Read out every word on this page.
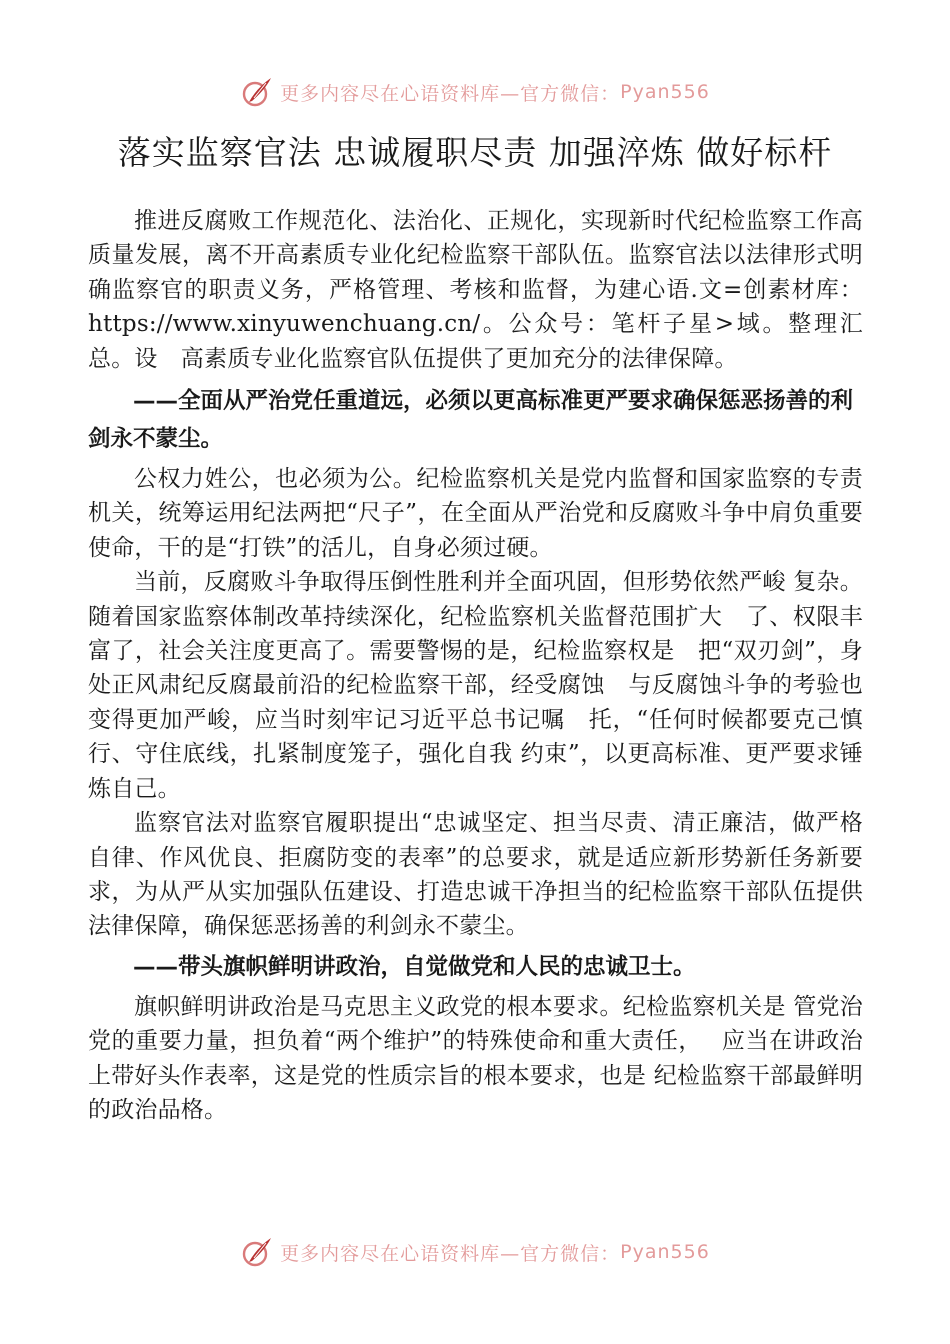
更多内容尽在心语资料库—官方微信： Pyan556
落实监察官法 忠诚履职尽责 加强淬炼 做好标杆

推进反腐败工作规范化、法治化、正规化，实现新时代纪检监察工作高质量发展，离不开高素质专业化纪检监察干部队伍。监察官法以法律形式明确监察官的职责义务，严格管理、考核和监督，为建心语.文=创素材库：https://www.xinyuwenchuang.cn/。公众号：笔杆子星>域。整理汇总。设　高素质专业化监察官队伍提供了更加充分的法律保障。

——全面从严治党任重道远，必须以更高标准更严要求确保惩恶扬善的利剑永不蒙尘。

公权力姓公，也必须为公。纪检监察机关是党内监督和国家监察的专责机关，统筹运用纪法两把“尺子”，在全面从严治党和反腐败斗争中肩负重要使命，干的是“打铁”的活儿，自身必须过硬。

当前，反腐败斗争取得压倒性胜利并全面巩固，但形势依然严峻 复杂。随着国家监察体制改革持续深化，纪检监察机关监督范围扩大　了、权限丰富了，社会关注度更高了。需要警惕的是，纪检监察权是　把“双刃剑”，身处正风肃纪反腐最前沿的纪检监察干部，经受腐蚀　与反腐蚀斗争的考验也变得更加严峻，应当时刻牢记习近平总书记嘱　托，“任何时候都要克己慎行、守住底线，扎紧制度笼子，强化自我 约束”，以更高标准、更严要求锤炼自己。

监察官法对监察官履职提出“忠诚坚定、担当尽责、清正廉洁，做严格自律、作风优良、拒腐防变的表率”的总要求，就是适应新形势新任务新要求，为从严从实加强队伍建设、打造忠诚干净担当的纪检监察干部队伍提供法律保障，确保惩恶扬善的利剑永不蒙尘。

——带头旗帜鲜明讲政治，自觉做党和人民的忠诚卫士。

旗帜鲜明讲政治是马克思主义政党的根本要求。纪检监察机关是 管党治党的重要力量，担负着“两个维护”的特殊使命和重大责任，　 应当在讲政治上带好头作表率，这是党的性质宗旨的根本要求，也是 纪检监察干部最鲜明的政治品格。

更多内容尽在心语资料库—官方微信： Pyan556
